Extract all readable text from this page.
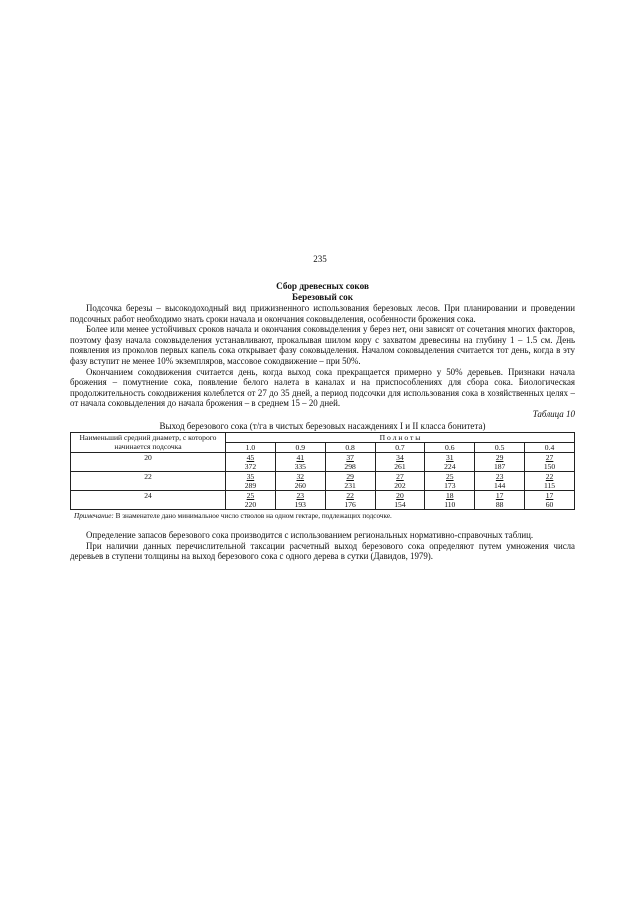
235
Сбор древесных соков
Березовый сок

Подсочка березы – высокодоходный вид прижизненного использования березовых лесов. При планировании и проведении подсочных работ необходимо знать сроки начала и окончания соковыделения, особенности брожения сока.

Более или менее устойчивых сроков начала и окончания соковыделения у берез нет, они зависят от сочетания многих факторов, поэтому фазу начала соковыделения устанавливают, прокалывая шилом кору с захватом древесины на глубину 1 – 1.5 см. День появления из проколов первых капель сока открывает фазу соковыделения. Началом соковыделения считается тот день, когда в эту фазу вступит не менее 10% экземпляров, массовое сокодвижение – при 50%.

Окончанием сокодвижения считается день, когда выход сока прекращается примерно у 50% деревьев. Признаки начала брожения – помутнение сока, появление белого налета в каналах и на приспособлениях для сбора сока. Биологическая продолжительность сокодвижения колеблется от 27 до 35 дней, а период подсочки для использования сока в хозяйственных целях – от начала соковыделения до начала брожения – в среднем 15 – 20 дней.

Таблица 10
Выход березового сока (т/га в чистых березовых насаждениях I и II класса бонитета)
Наименьший средний диаметр, с которого начинается подсочка	П о л н о т ы						
	1.0	0.9	0.8	0.7	0.6	0.5	0.4
20	45	41	37	34	31	29	27
	372	335	298	261	224	187	150
22	35	32	29	27	25	23	22
	289	260	231	202	173	144	115
24	25	23	22	20	18	17	17
	220	193	176	154	110	88	60
Примечание: В знаменателе дано минимальное число стволов на одном гектаре, подлежащих подсочке.

Определение запасов березового сока производится с использованием региональных нормативно-справочных таблиц.

При наличии данных перечислительной таксации расчетный выход березового сока определяют путем умножения числа деревьев в ступени толщины на выход березового сока с одного дерева в сутки (Давидов, 1979).
